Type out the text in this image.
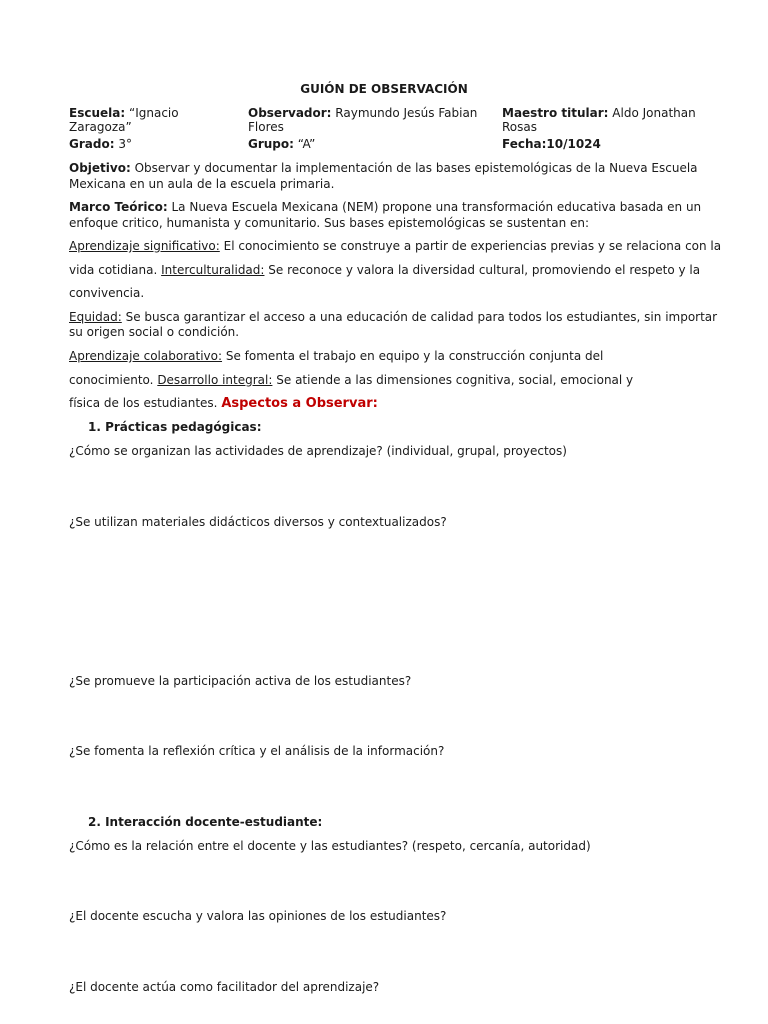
GUIÓN DE OBSERVACIÓN
Escuela: “Ignacio
Zaragoza”
Observador: Raymundo Jesús Fabian
Flores
Maestro titular: Aldo Jonathan
Rosas
Grado: 3°	Grupo: “A”	Fecha:10/1024
Objetivo: Observar y documentar la implementación de las bases epistemológicas de la Nueva Escuela
Mexicana en un aula de la escuela primaria.
Marco Teórico: La Nueva Escuela Mexicana (NEM) propone una transformación educativa basada en un
enfoque critico, humanista y comunitario. Sus bases epistemológicas se sustentan en:
Aprendizaje significativo: El conocimiento se construye a partir de experiencias previas y se relaciona con la
vida cotidiana. Interculturalidad: Se reconoce y valora la diversidad cultural, promoviendo el respeto y la
convivencia.
Equidad: Se busca garantizar el acceso a una educación de calidad para todos los estudiantes, sin importar
su origen social o condición.
Aprendizaje colaborativo: Se fomenta el trabajo en equipo y la construcción conjunta del
conocimiento. Desarrollo integral: Se atiende a las dimensiones cognitiva, social, emocional y
física de los estudiantes. Aspectos a Observar:
1. Prácticas pedagógicas:
¿Cómo se organizan las actividades de aprendizaje? (individual, grupal, proyectos)
¿Se utilizan materiales didácticos diversos y contextualizados?
¿Se promueve la participación activa de los estudiantes?
¿Se fomenta la reflexión crítica y el análisis de la información?
2. Interacción docente-estudiante:
¿Cómo es la relación entre el docente y las estudiantes? (respeto, cercanía, autoridad)
¿El docente escucha y valora las opiniones de los estudiantes?
¿El docente actúa como facilitador del aprendizaje?
